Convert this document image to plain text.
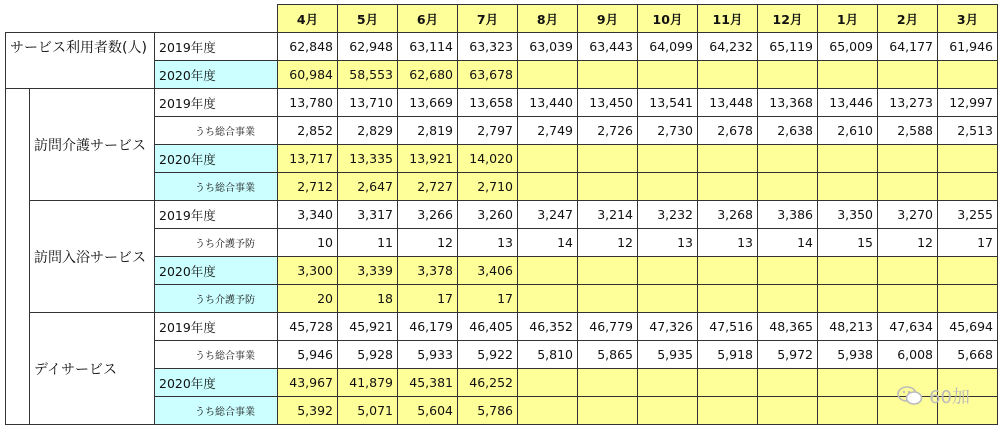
			4月	5月	6月	7月	8月	9月	10月	11月	12月	1月	2月	3月
サービス利用者数(人)		2019年度	62,848	62,948	63,114	63,323	63,039	63,443	64,099	64,232	65,119	65,009	64,177	61,946
		2020年度	60,984	58,553	62,680	63,678								
	訪問介護サービス	2019年度	13,780	13,710	13,669	13,658	13,440	13,450	13,541	13,448	13,368	13,446	13,273	12,997
		うち総合事業	2,852	2,829	2,819	2,797	2,749	2,726	2,730	2,678	2,638	2,610	2,588	2,513
		2020年度	13,717	13,335	13,921	14,020								
		うち総合事業	2,712	2,647	2,727	2,710								
	訪問入浴サービス	2019年度	3,340	3,317	3,266	3,260	3,247	3,214	3,232	3,268	3,386	3,350	3,270	3,255
		うち介護予防	10	11	12	13	14	12	13	13	14	15	12	17
		2020年度	3,300	3,339	3,378	3,406								
		うち介護予防	20	18	17	17								
	デイサービス	2019年度	45,728	45,921	46,179	46,405	46,352	46,779	47,326	47,516	48,365	48,213	47,634	45,694
		うち総合事業	5,946	5,928	5,933	5,922	5,810	5,865	5,935	5,918	5,972	5,938	6,008	5,668
		2020年度	43,967	41,879	45,381	46,252								
		うち総合事業	5,392	5,071	5,604	5,786								
60加
